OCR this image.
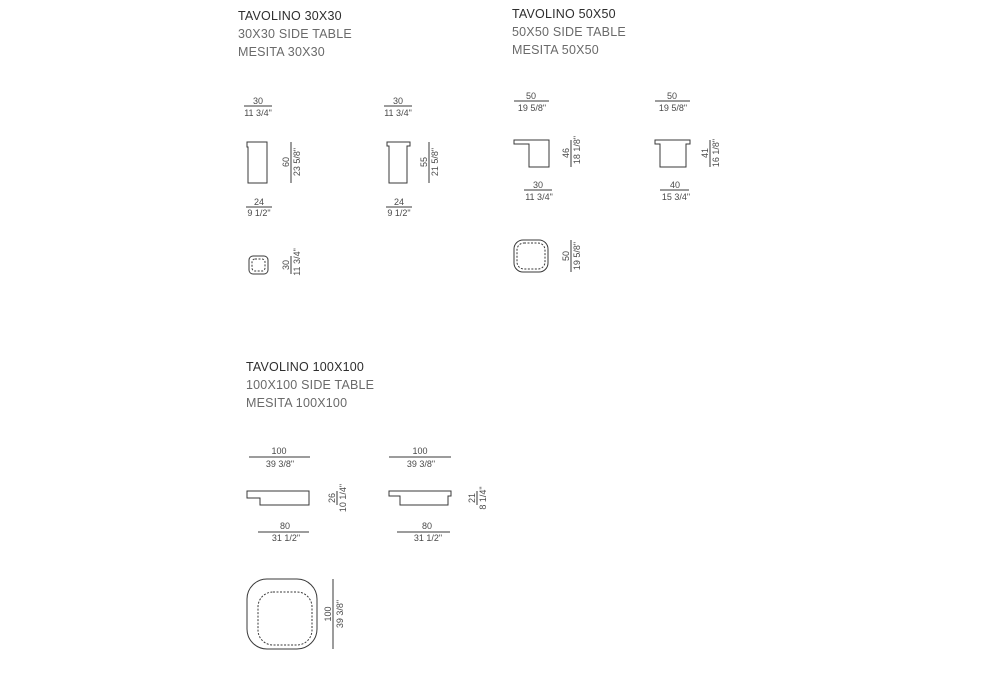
TAVOLINO 30X30
30X30 SIDE TABLE
MESITA 30X30
TAVOLINO 50X50
50X50 SIDE TABLE
MESITA 50X50
TAVOLINO 100X100
100X100 SIDE TABLE
MESITA 100X100
30
11 3/4"
60 23 5/8"
24
9 1/2"
30
11 3/4"
55 21 5/8"
24
9 1/2"
30 11 3/4"
50
19 5/8"
46 18 1/8"
30
11 3/4"
50
19 5/8"
41 16 1/8"
40
15 3/4"
50 19 5/8"
100
39 3/8"
26 10 1/4"
80
31 1/2"
100
39 3/8"
21 8 1/4"
80
31 1/2"
100 39 3/8"
